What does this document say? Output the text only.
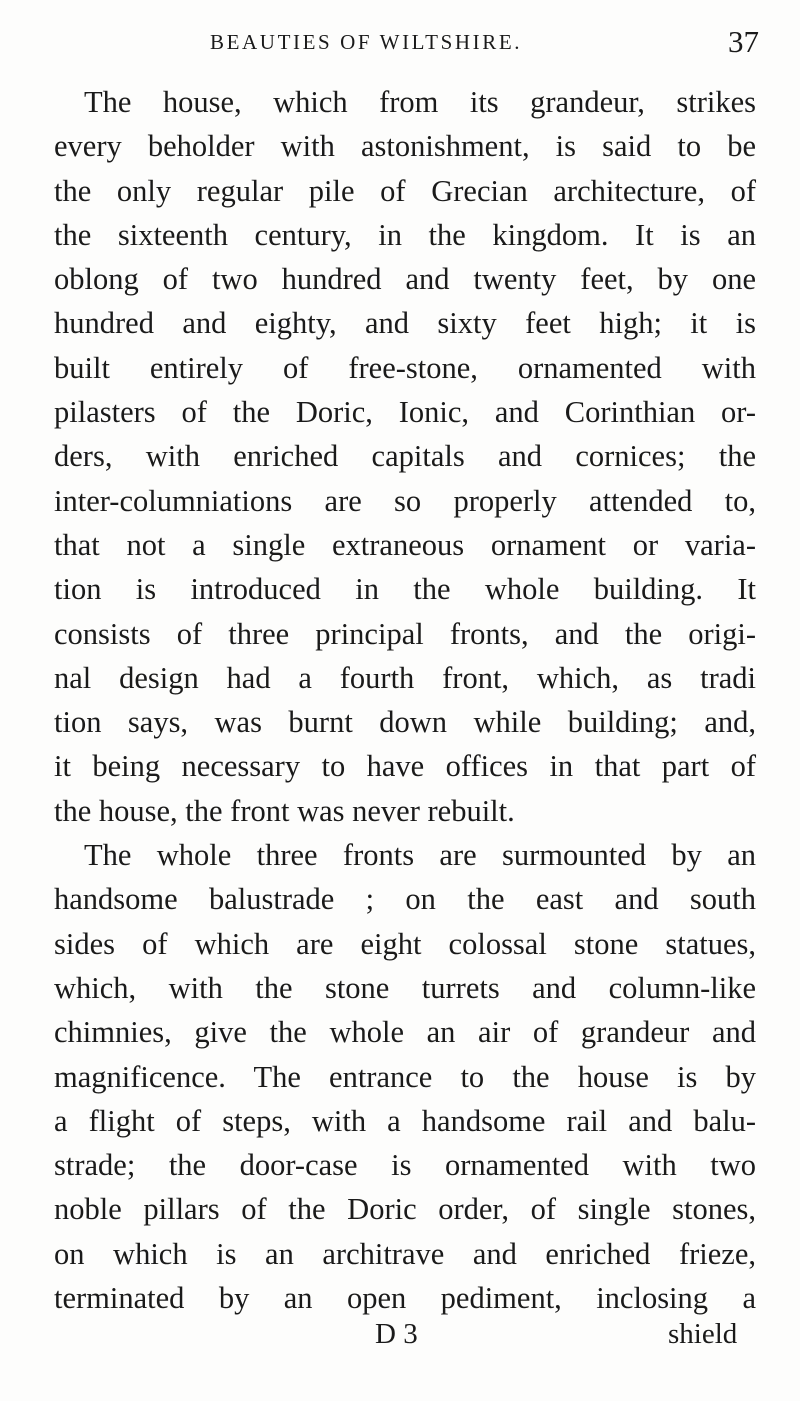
BEAUTIES OF WILTSHIRE.	37
The house, which from its grandeur, strikes
every beholder with astonishment, is said to be
the only regular pile of Grecian architecture, of
the sixteenth century, in the kingdom. It is an
oblong of two hundred and twenty feet, by one
hundred and eighty, and sixty feet high; it is
built entirely of free-stone, ornamented with
pilasters of the Doric, Ionic, and Corinthian or-
ders, with enriched capitals and cornices; the
inter-columniations are so properly attended to,
that not a single extraneous ornament or varia-
tion is introduced in the whole building. It
consists of three principal fronts, and the origi-
nal design had a fourth front, which, as tradi
tion says, was burnt down while building; and,
it being necessary to have offices in that part of
the house, the front was never rebuilt.
The whole three fronts are surmounted by an
handsome balustrade ; on the east and south
sides of which are eight colossal stone statues,
which, with the stone turrets and column-like
chimnies, give the whole an air of grandeur and
magnificence. The entrance to the house is by
a flight of steps, with a handsome rail and balu-
strade; the door-case is ornamented with two
noble pillars of the Doric order, of single stones,
on which is an architrave and enriched frieze,
terminated by an open pediment, inclosing a
D 3	shield
